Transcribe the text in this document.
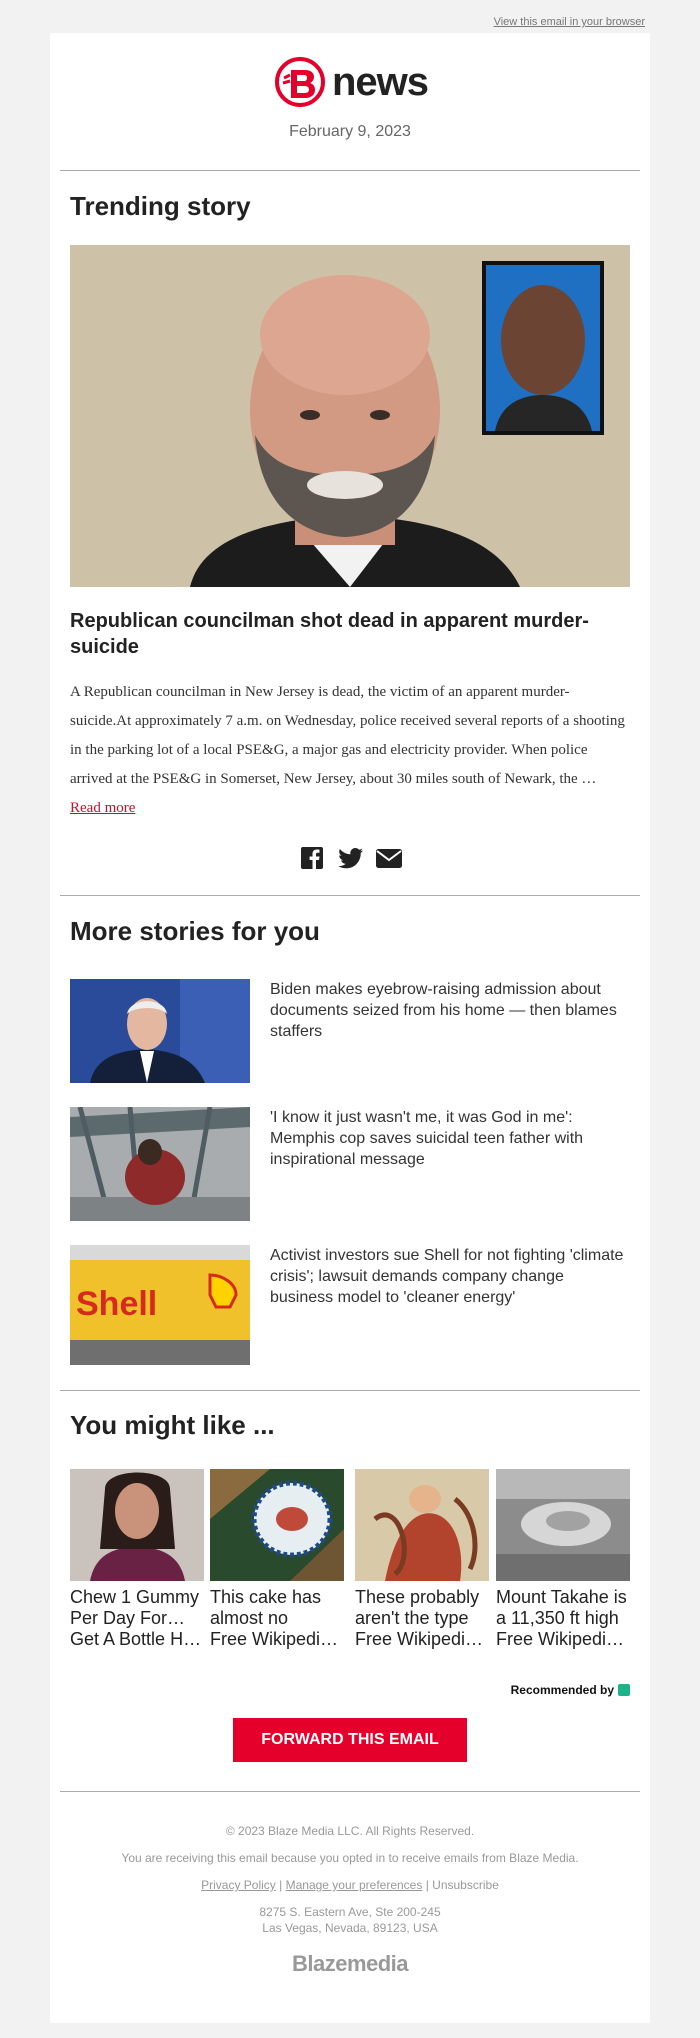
View this email in your browser
news
February 9, 2023
Trending story
Republican councilman shot dead in apparent murder-suicide
A Republican councilman in New Jersey is dead, the victim of an apparent murder-suicide.At approximately 7 a.m. on Wednesday, police received several reports of a shooting in the parking lot of a local PSE&G, a major gas and electricity provider. When police arrived at the PSE&G in Somerset, New Jersey, about 30 miles south of Newark, the … Read more
More stories for you
Biden makes eyebrow-raising admission about documents seized from his home — then blames staffers
'I know it just wasn't me, it was God in me': Memphis cop saves suicidal teen father with inspirational message
Shell
Activist investors sue Shell for not fighting 'climate crisis'; lawsuit demands company change business model to 'cleaner energy'
You might like ...
Chew 1 Gummy Per Day For…
Get A Bottle H…
This cake has almost no
Free Wikipedi…
These probably aren't the type
Free Wikipedi…
Mount Takahe is a 11,350 ft high
Free Wikipedi…
Recommended by
FORWARD THIS EMAIL
© 2023 Blaze Media LLC. All Rights Reserved.
You are receiving this email because you opted in to receive emails from Blaze Media.
Privacy Policy | Manage your preferences | Unsubscribe
8275 S. Eastern Ave, Ste 200-245
Las Vegas, Nevada, 89123, USA
Blazemedia
